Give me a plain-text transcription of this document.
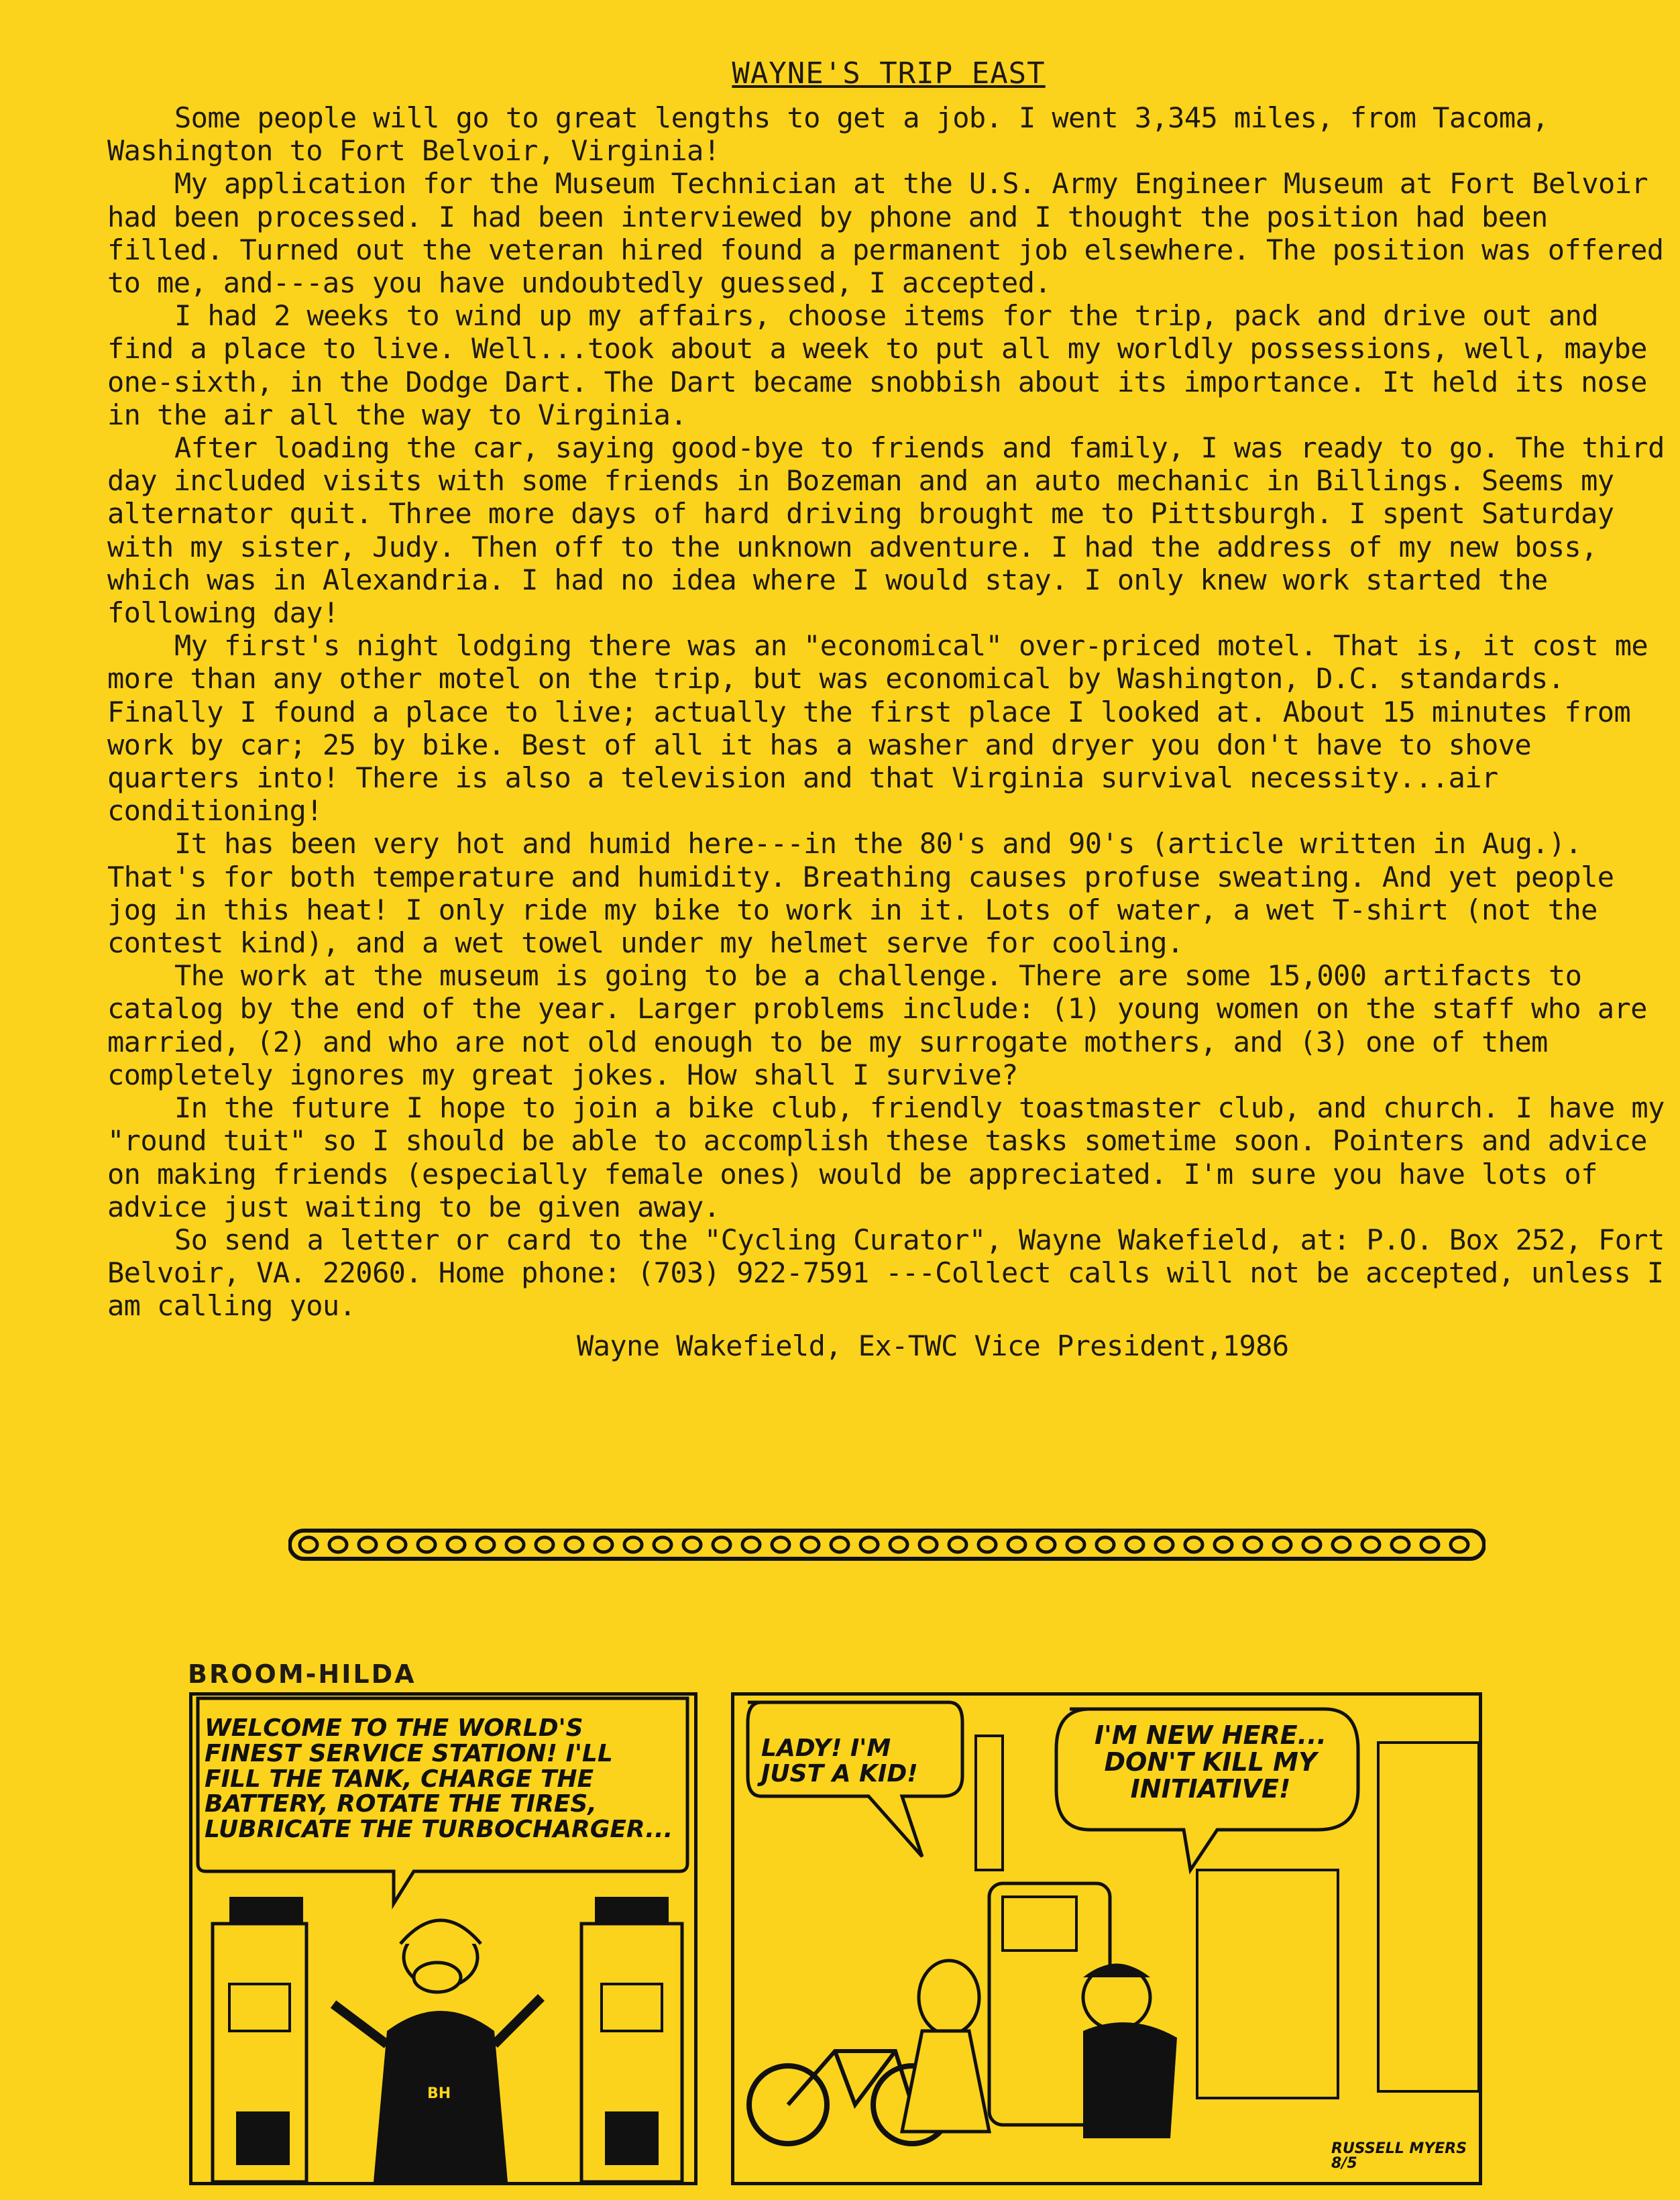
WAYNE'S TRIP EAST

Some people will go to great lengths to get a job. I went 3,345 miles, from Tacoma, Washington to Fort Belvoir, Virginia!

My application for the Museum Technician at the U.S. Army Engineer Museum at Fort Belvoir had been processed. I had been interviewed by phone and I thought the position had been filled. Turned out the veteran hired found a permanent job elsewhere. The position was offered to me, and---as you have undoubtedly guessed, I accepted.

I had 2 weeks to wind up my affairs, choose items for the trip, pack and drive out and find a place to live. Well...took about a week to put all my worldly possessions, well, maybe one-sixth, in the Dodge Dart. The Dart became snobbish about its importance. It held its nose in the air all the way to Virginia.

After loading the car, saying good-bye to friends and family, I was ready to go. The third day included visits with some friends in Bozeman and an auto mechanic in Billings. Seems my alternator quit. Three more days of hard driving brought me to Pittsburgh. I spent Saturday with my sister, Judy. Then off to the unknown adventure. I had the address of my new boss, which was in Alexandria. I had no idea where I would stay. I only knew work started the following day!

My first's night lodging there was an "economical" over-priced motel. That is, it cost me more than any other motel on the trip, but was economical by Washington, D.C. standards. Finally I found a place to live; actually the first place I looked at. About 15 minutes from work by car; 25 by bike. Best of all it has a washer and dryer you don't have to shove quarters into! There is also a television and that Virginia survival necessity...air conditioning!

It has been very hot and humid here---in the 80's and 90's (article written in Aug.). That's for both temperature and humidity. Breathing causes profuse sweating. And yet people jog in this heat! I only ride my bike to work in it. Lots of water, a wet T-shirt (not the contest kind), and a wet towel under my helmet serve for cooling.

The work at the museum is going to be a challenge. There are some 15,000 artifacts to catalog by the end of the year. Larger problems include: (1) young women on the staff who are married, (2) and who are not old enough to be my surrogate mothers, and (3) one of them completely ignores my great jokes. How shall I survive?

In the future I hope to join a bike club, friendly toastmaster club, and church. I have my "round tuit" so I should be able to accomplish these tasks sometime soon. Pointers and advice on making friends (especially female ones) would be appreciated. I'm sure you have lots of advice just waiting to be given away.

So send a letter or card to the "Cycling Curator", Wayne Wakefield, at: P.O. Box 252, Fort Belvoir, VA. 22060. Home phone: (703) 922-7591 ---Collect calls will not be accepted, unless I am calling you.

Wayne Wakefield, Ex-TWC Vice President,1986
BROOM-HILDA
BH
WELCOME TO THE WORLD'S FINEST SERVICE STATION! I'LL FILL THE TANK, CHARGE THE BATTERY, ROTATE THE TIRES, LUBRICATE THE TURBOCHARGER...
LADY! I'M JUST A KID!
I'M NEW HERE... DON'T KILL MY INITIATIVE!
RUSSELL MYERS 8/5
